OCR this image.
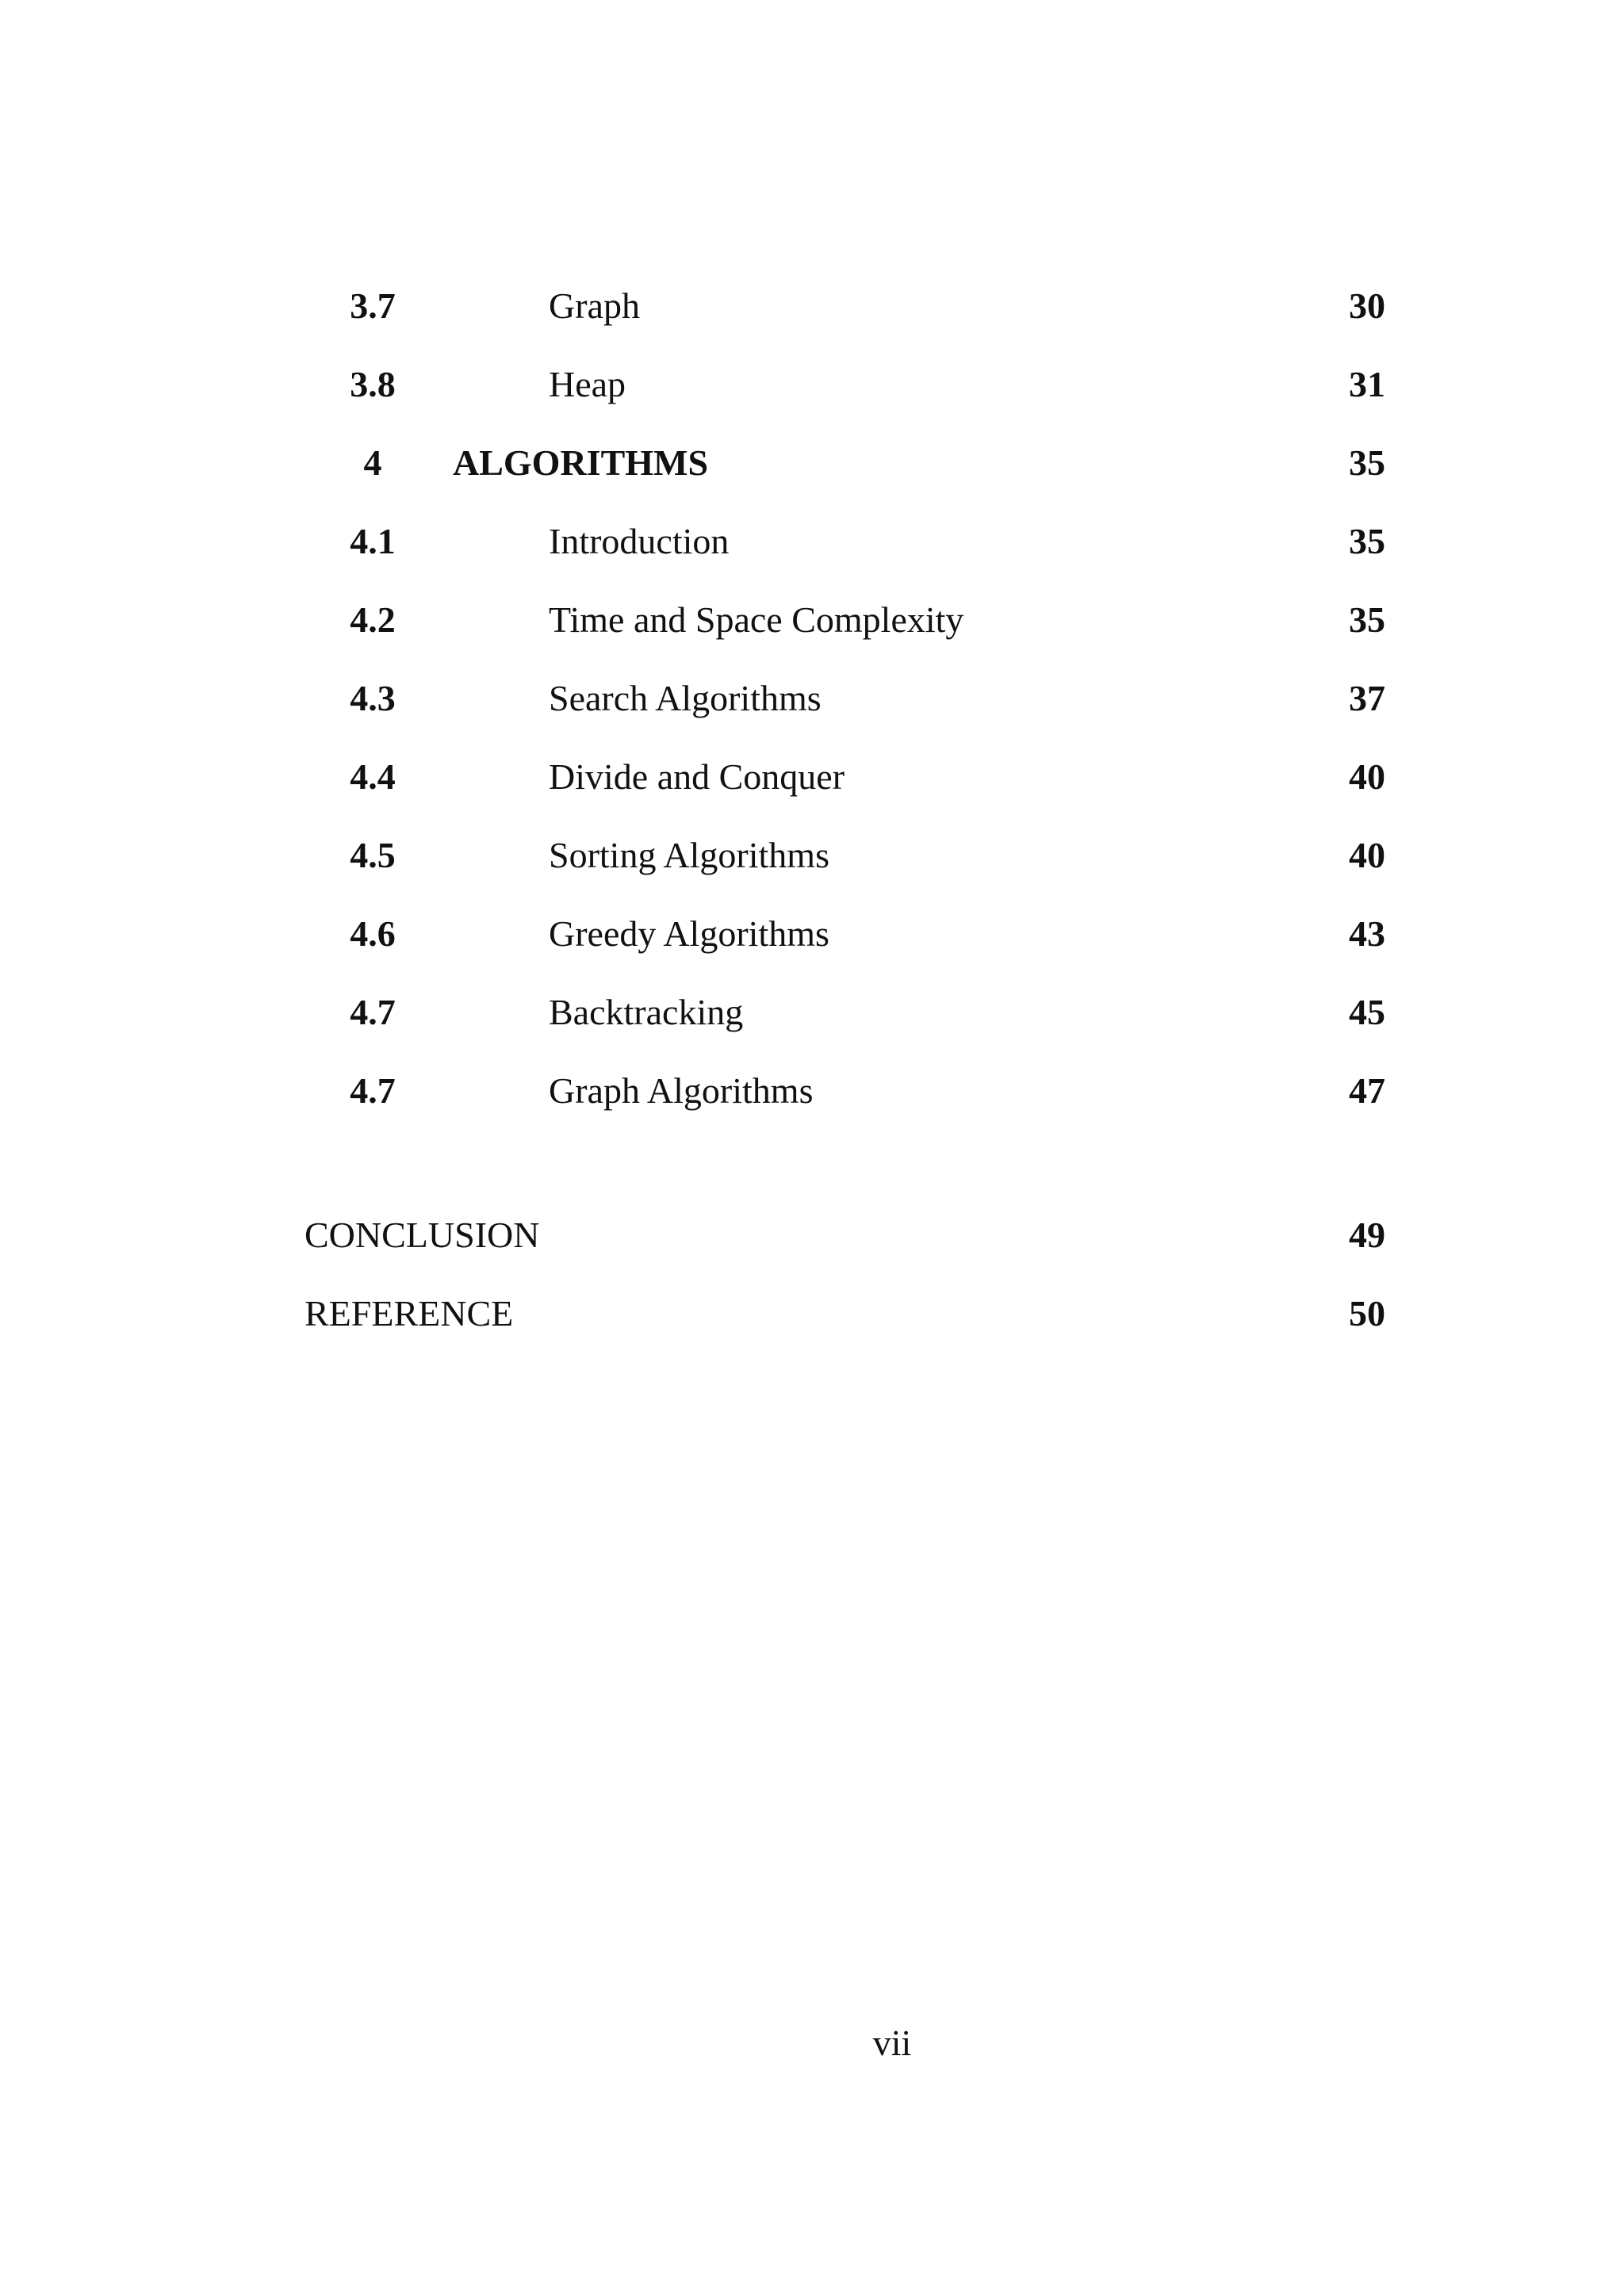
3.7	Graph	30
3.8	Heap	31
4	ALGORITHMS	35
4.1	Introduction	35
4.2	Time and Space Complexity	35
4.3	Search Algorithms	37
4.4	Divide and Conquer	40
4.5	Sorting Algorithms	40
4.6	Greedy Algorithms	43
4.7	Backtracking	45
4.7	Graph Algorithms	47
CONCLUSION	49
REFERENCE	50
vii
